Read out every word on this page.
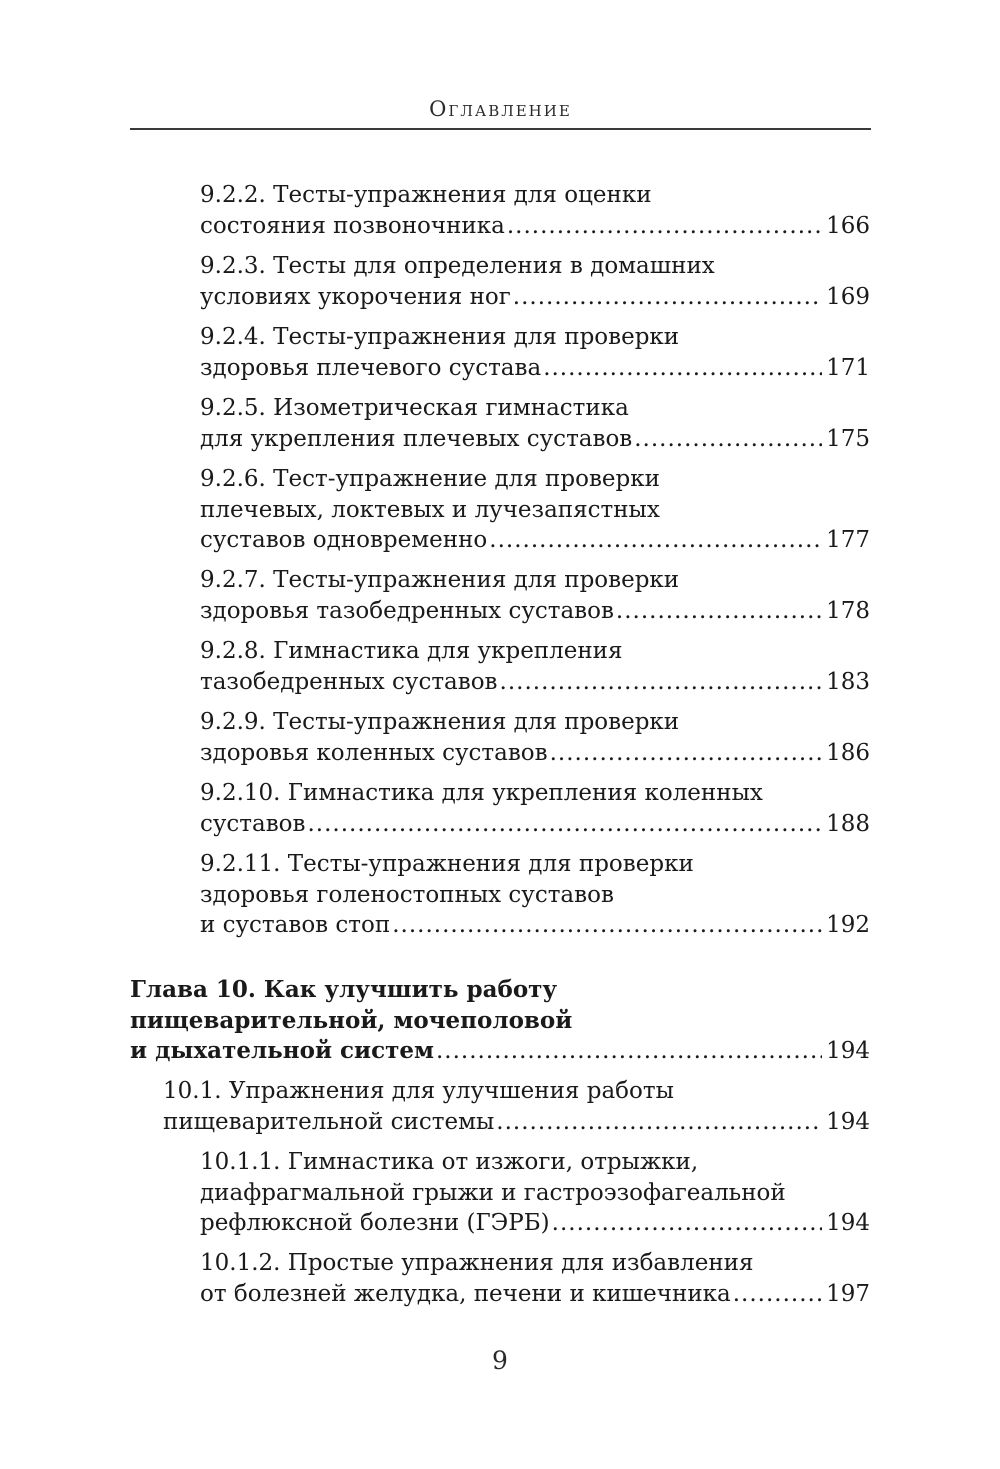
Оглавление
9.2.2. Тесты-упражнения для оценки
состояния позвоночника .....	166
9.2.3. Тесты для определения в домашних
условиях укорочения ног .....	169
9.2.4. Тесты-упражнения для проверки
здоровья плечевого сустава .....	171
9.2.5. Изометрическая гимнастика
для укрепления плечевых суставов .....	175
9.2.6. Тест-упражнение для проверки
плечевых, локтевых и лучезапястных
суставов одновременно .....	177
9.2.7. Тесты-упражнения для проверки
здоровья тазобедренных суставов .....	178
9.2.8. Гимнастика для укрепления
тазобедренных суставов .....	183
9.2.9. Тесты-упражнения для проверки
здоровья коленных суставов .....	186
9.2.10. Гимнастика для укрепления коленных
суставов .....	188
9.2.11. Тесты-упражнения для проверки
здоровья голеностопных суставов
и суставов стоп .....	192
Глава 10. Как улучшить работу
пищеварительной, мочеполовой
и дыхательной систем .....	194
10.1. Упражнения для улучшения работы
пищеварительной системы .....	194
10.1.1. Гимнастика от изжоги, отрыжки,
диафрагмальной грыжи и гастроэзофагеальной
рефлюксной болезни (ГЭРБ) .....	194
10.1.2. Простые упражнения для избавления
от болезней желудка, печени и кишечника .....	197
9
